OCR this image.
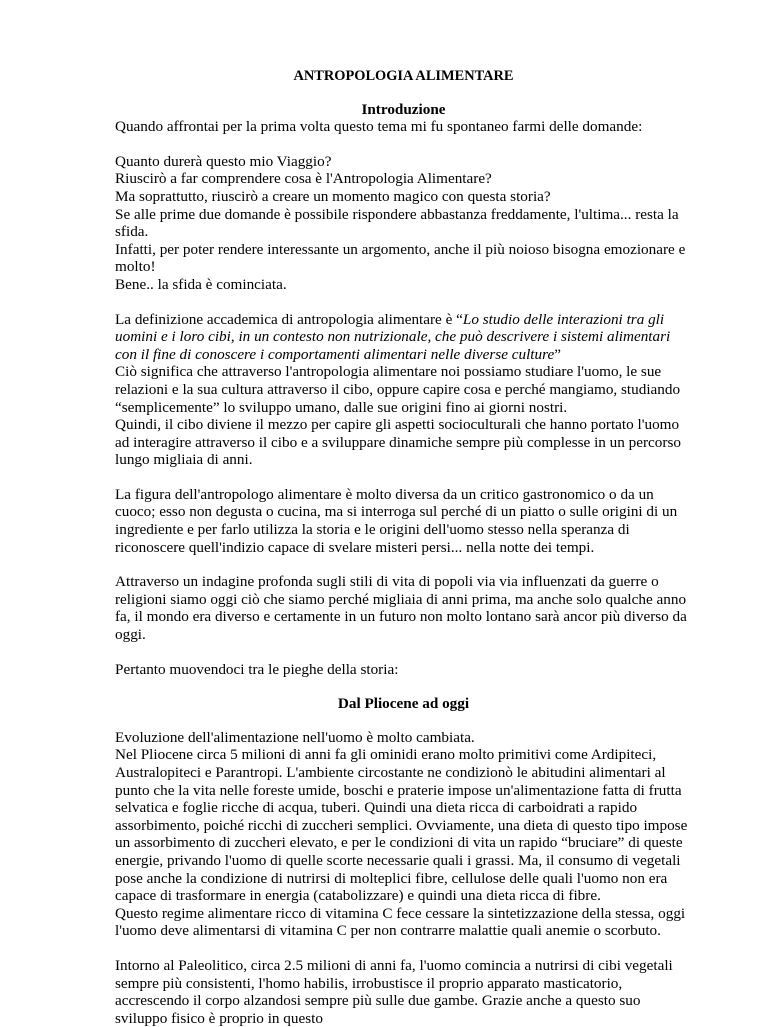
ANTROPOLOGIA ALIMENTARE
Introduzione

Quando affrontai per la prima volta questo tema mi fu spontaneo farmi delle domande:

Quanto durerà questo mio Viaggio?
Riuscirò a far comprendere cosa è l'Antropologia Alimentare?
Ma soprattutto, riuscirò a creare un momento magico con questa storia?
Se alle prime due domande è possibile rispondere abbastanza freddamente, l'ultima... resta la sfida.
Infatti, per poter rendere interessante un argomento, anche il più noioso bisogna emozionare e molto!
Bene.. la sfida è cominciata.

La definizione accademica di antropologia alimentare è “Lo studio delle interazioni tra gli uomini e i loro cibi, in un contesto non nutrizionale, che può descrivere i sistemi alimentari con il fine di conoscere i comportamenti alimentari nelle diverse culture”
Ciò significa che attraverso l'antropologia alimentare noi possiamo studiare l'uomo, le sue relazioni e la sua cultura attraverso il cibo, oppure capire cosa e perché mangiamo, studiando “semplicemente” lo sviluppo umano, dalle sue origini fino ai giorni nostri.
Quindi, il cibo diviene il mezzo per capire gli aspetti socioculturali che hanno portato l'uomo ad interagire attraverso il cibo e a sviluppare dinamiche sempre più complesse in un percorso lungo migliaia di anni.

La figura dell'antropologo alimentare è molto diversa da un critico gastronomico o da un cuoco; esso non degusta o cucina, ma si interroga sul perché di un piatto o sulle origini di un ingrediente e per farlo utilizza la storia e le origini dell'uomo stesso nella speranza di riconoscere quell'indizio capace di svelare misteri persi... nella notte dei tempi.

Attraverso un indagine profonda sugli stili di vita di popoli via via influenzati da guerre o religioni siamo oggi ciò che siamo perché migliaia di anni prima, ma anche solo qualche anno fa, il mondo era diverso e certamente in un futuro non molto lontano sarà ancor più diverso da oggi.

Pertanto muovendoci tra le pieghe della storia:

Dal Pliocene ad oggi

Evoluzione dell'alimentazione nell'uomo è molto cambiata.
Nel Pliocene circa 5 milioni di anni fa gli ominidi erano molto primitivi come Ardipiteci, Australopiteci e Parantropi. L'ambiente circostante ne condizionò le abitudini alimentari al punto che la vita nelle foreste umide, boschi e praterie impose un'alimentazione fatta di frutta selvatica e foglie ricche di acqua, tuberi. Quindi una dieta ricca di carboidrati a rapido assorbimento, poiché ricchi di zuccheri semplici. Ovviamente, una dieta di questo tipo impose un assorbimento di zuccheri elevato, e per le condizioni di vita un rapido “bruciare” di queste energie, privando l'uomo di quelle scorte necessarie quali i grassi. Ma, il consumo di vegetali pose anche la condizione di nutrirsi di molteplici fibre, cellulose delle quali l'uomo non era capace di trasformare in energia (catabolizzare) e quindi una dieta ricca di fibre.
Questo regime alimentare ricco di vitamina C fece cessare la sintetizzazione della stessa, oggi l'uomo deve alimentarsi di vitamina C per non contrarre malattie quali anemie o scorbuto.

Intorno al Paleolitico, circa 2.5 milioni di anni fa, l'uomo comincia a nutrirsi di cibi vegetali sempre più consistenti, l'homo habilis, irrobustisce il proprio apparato masticatorio, accrescendo il corpo alzandosi sempre più sulle due gambe. Grazie anche a questo suo sviluppo fisico è proprio in questo
